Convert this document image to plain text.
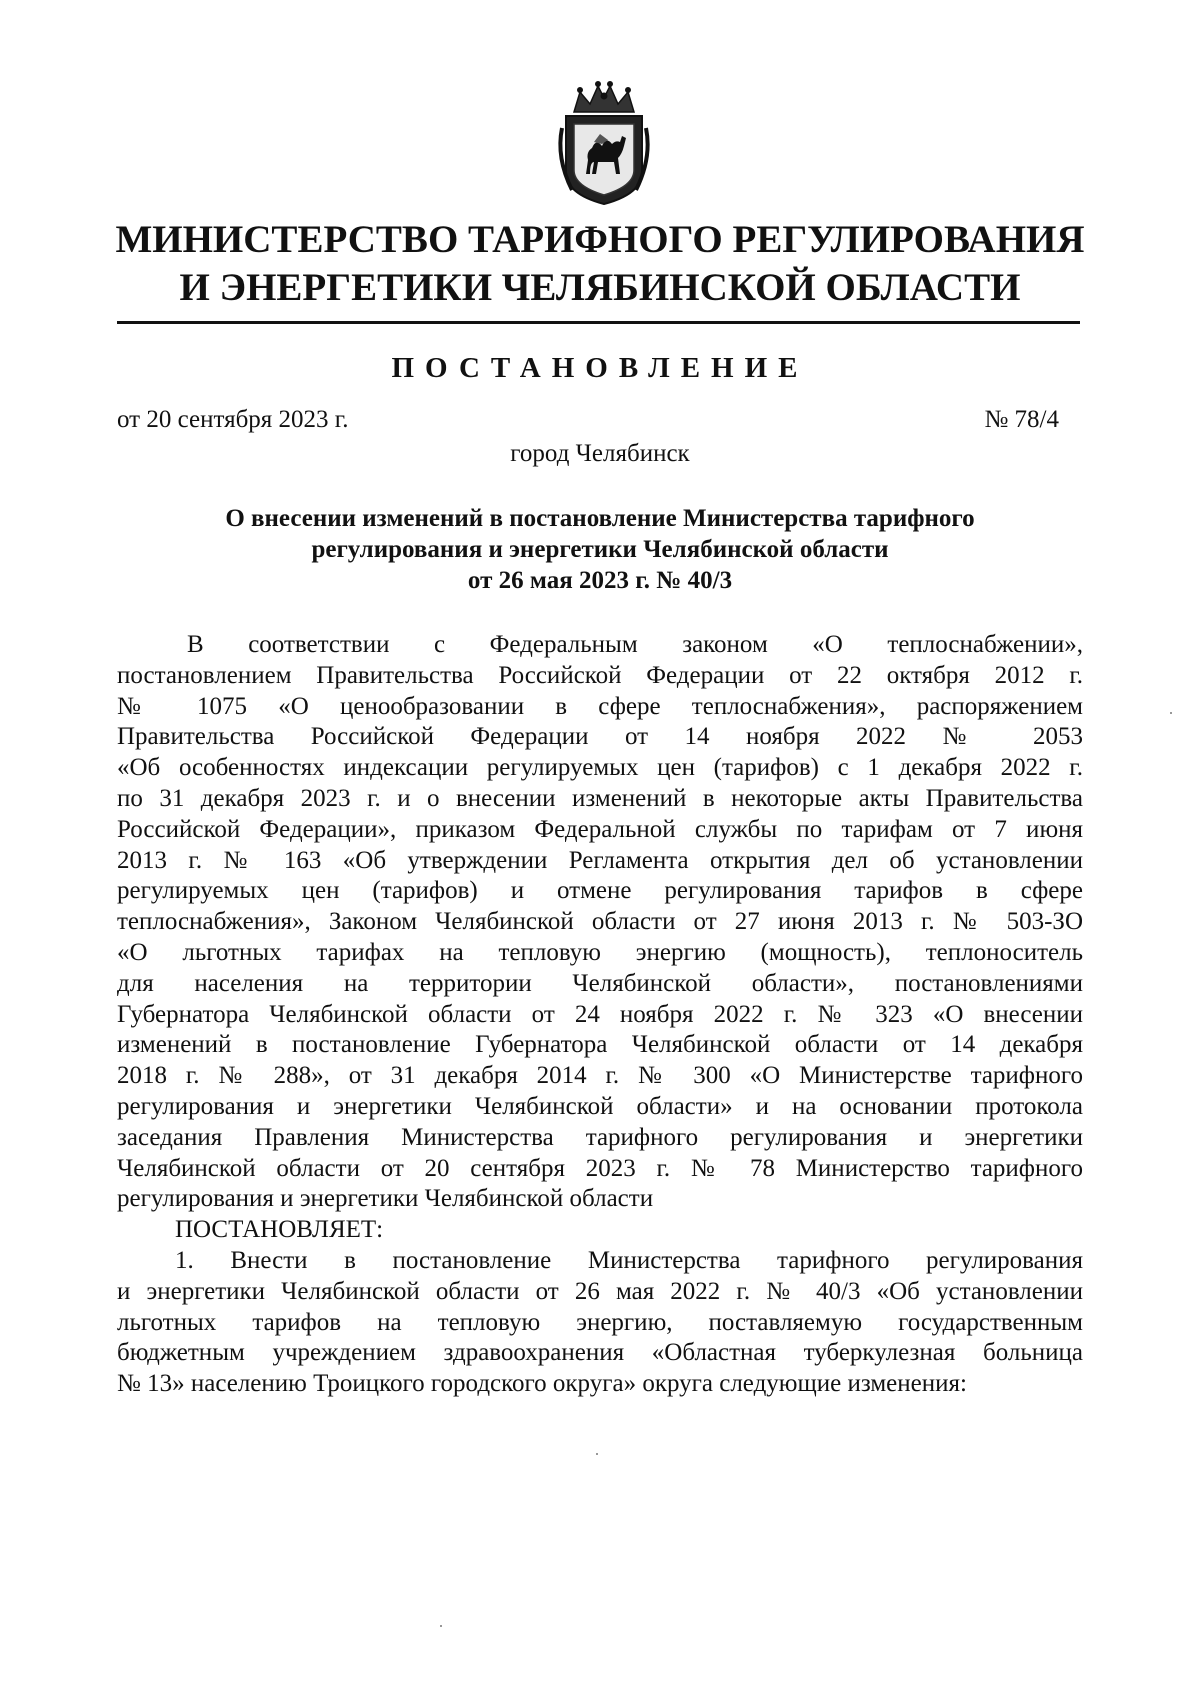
МИНИСТЕРСТВО ТАРИФНОГО РЕГУЛИРОВАНИЯ
И ЭНЕРГЕТИКИ ЧЕЛЯБИНСКОЙ ОБЛАСТИ
ПОСТАНОВЛЕНИЕ
от 20 сентября 2023 г.	№ 78/4
город Челябинск
О внесении изменений в постановление Министерства тарифного
регулирования и энергетики Челябинской области
от 26 мая 2023 г. № 40/3
В соответствии с Федеральным законом «О теплоснабжении»,
постановлением Правительства Российской Федерации от 22 октября 2012 г.
№ 1075 «О ценообразовании в сфере теплоснабжения», распоряжением
Правительства Российской Федерации от 14 ноября 2022 № 2053
«Об особенностях индексации регулируемых цен (тарифов) с 1 декабря 2022 г.
по 31 декабря 2023 г. и о внесении изменений в некоторые акты Правительства
Российской Федерации», приказом Федеральной службы по тарифам от 7 июня
2013 г. № 163 «Об утверждении Регламента открытия дел об установлении
регулируемых цен (тарифов) и отмене регулирования тарифов в сфере
теплоснабжения», Законом Челябинской области от 27 июня 2013 г. № 503-ЗО
«О льготных тарифах на тепловую энергию (мощность), теплоноситель
для населения на территории Челябинской области», постановлениями
Губернатора Челябинской области от 24 ноября 2022 г. № 323 «О внесении
изменений в постановление Губернатора Челябинской области от 14 декабря
2018 г. № 288», от 31 декабря 2014 г. № 300 «О Министерстве тарифного
регулирования и энергетики Челябинской области» и на основании протокола
заседания Правления Министерства тарифного регулирования и энергетики
Челябинской области от 20 сентября 2023 г. № 78 Министерство тарифного
регулирования и энергетики Челябинской области
ПОСТАНОВЛЯЕТ:
1. Внести в постановление Министерства тарифного регулирования
и энергетики Челябинской области от 26 мая 2022 г. № 40/3 «Об установлении
льготных тарифов на тепловую энергию, поставляемую государственным
бюджетным учреждением здравоохранения «Областная туберкулезная больница
№ 13» населению Троицкого городского округа» округа следующие изменения:
